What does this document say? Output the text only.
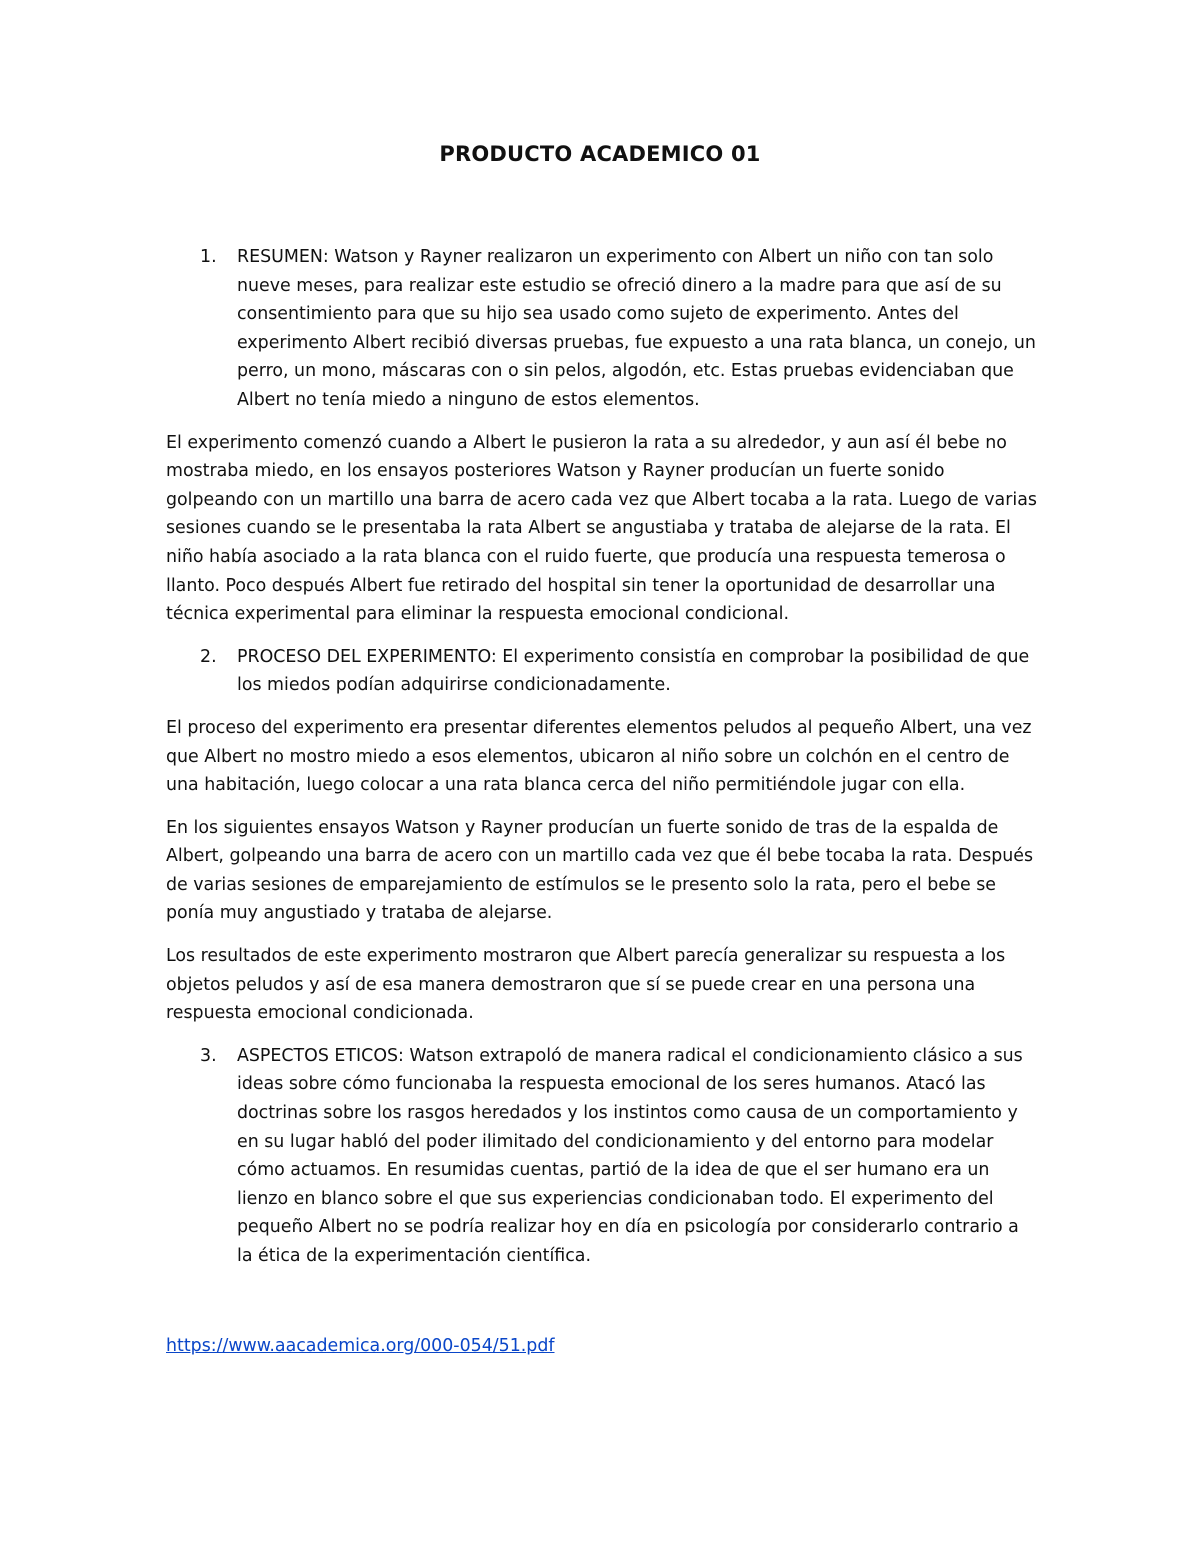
PRODUCTO ACADEMICO 01
1. RESUMEN: Watson y Rayner realizaron un experimento con Albert un niño con tan solo nueve meses, para realizar este estudio se ofreció dinero a la madre para que así de su consentimiento para que su hijo sea usado como sujeto de experimento. Antes del experimento Albert recibió diversas pruebas, fue expuesto a una rata blanca, un conejo, un perro, un mono, máscaras con o sin pelos, algodón, etc. Estas pruebas evidenciaban que Albert no tenía miedo a ninguno de estos elementos.

El experimento comenzó cuando a Albert le pusieron la rata a su alrededor, y aun así él bebe no mostraba miedo, en los ensayos posteriores Watson y Rayner producían un fuerte sonido golpeando con un martillo una barra de acero cada vez que Albert tocaba a la rata. Luego de varias sesiones cuando se le presentaba la rata Albert se angustiaba y trataba de alejarse de la rata. El niño había asociado a la rata blanca con el ruido fuerte, que producía una respuesta temerosa o llanto. Poco después Albert fue retirado del hospital sin tener la oportunidad de desarrollar una técnica experimental para eliminar la respuesta emocional condicional.

2. PROCESO DEL EXPERIMENTO: El experimento consistía en comprobar la posibilidad de que los miedos podían adquirirse condicionadamente.

El proceso del experimento era presentar diferentes elementos peludos al pequeño Albert, una vez que Albert no mostro miedo a esos elementos, ubicaron al niño sobre un colchón en el centro de una habitación, luego colocar a una rata blanca cerca del niño permitiéndole jugar con ella.

En los siguientes ensayos Watson y Rayner producían un fuerte sonido de tras de la espalda de Albert, golpeando una barra de acero con un martillo cada vez que él bebe tocaba la rata. Después de varias sesiones de emparejamiento de estímulos se le presento solo la rata, pero el bebe se ponía muy angustiado y trataba de alejarse.

Los resultados de este experimento mostraron que Albert parecía generalizar su respuesta a los objetos peludos y así de esa manera demostraron que sí se puede crear en una persona una respuesta emocional condicionada.

3. ASPECTOS ETICOS: Watson extrapoló de manera radical el condicionamiento clásico a sus ideas sobre cómo funcionaba la respuesta emocional de los seres humanos. Atacó las doctrinas sobre los rasgos heredados y los instintos como causa de un comportamiento y en su lugar habló del poder ilimitado del condicionamiento y del entorno para modelar cómo actuamos. En resumidas cuentas, partió de la idea de que el ser humano era un lienzo en blanco sobre el que sus experiencias condicionaban todo. El experimento del pequeño Albert no se podría realizar hoy en día en psicología por considerarlo contrario a la ética de la experimentación científica.
https://www.aacademica.org/000-054/51.pdf
